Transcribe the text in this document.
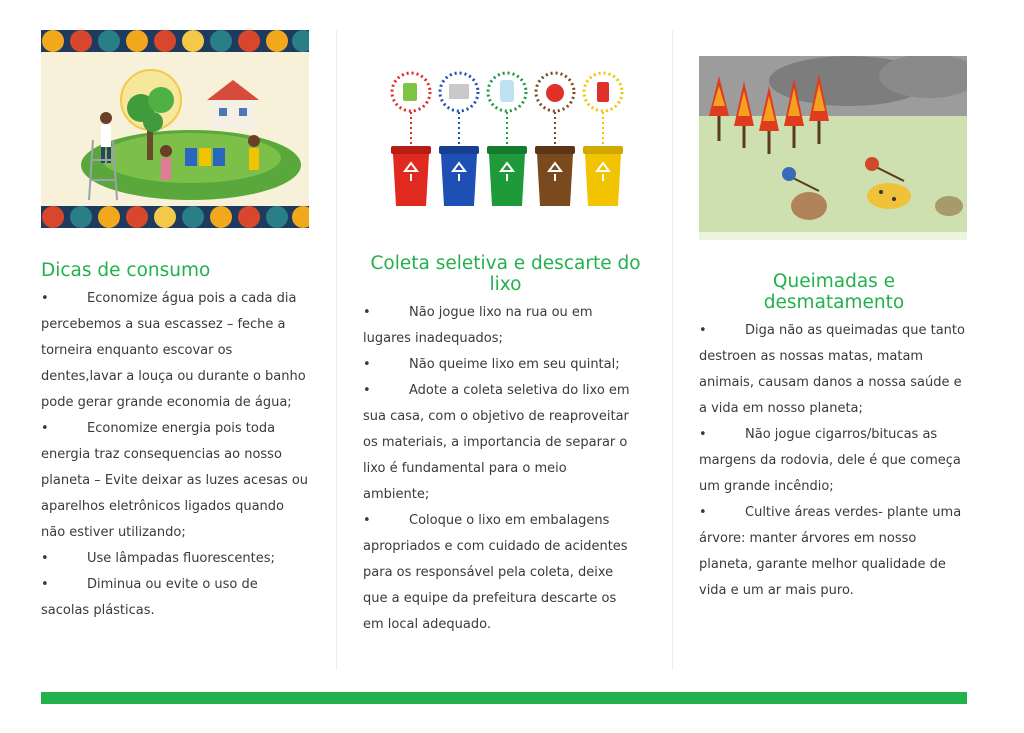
Dicas de consumo
•	Economize água pois a cada dia percebemos a sua escassez – feche a torneira enquanto escovar os dentes,lavar a louça ou durante o banho pode gerar grande economia de água;
•	Economize energia pois toda energia traz consequencias ao nosso planeta – Evite deixar as luzes acesas ou aparelhos eletrônicos ligados quando não estiver utilizando;
•	Use lâmpadas fluorescentes;
•	Diminua ou evite o uso de sacolas plásticas.
Coleta seletiva e descarte do lixo
•	Não jogue lixo na rua ou em lugares inadequados;
•	Não queime lixo em seu quintal;
•	Adote a coleta seletiva do lixo em sua casa, com o objetivo de reaproveitar os materiais, a importancia de separar o lixo é fundamental para o meio ambiente;
•	Coloque o lixo em embalagens apropriados e com cuidado de acidentes para os responsável pela coleta, deixe que a equipe da prefeitura descarte os em local adequado.
Queimadas e desmatamento
•	Diga não as queimadas que tanto destroen as nossas matas, matam animais, causam danos a nossa saúde e a vida em nosso planeta;
•	Não jogue cigarros/bitucas as margens da rodovia, dele é que começa um grande incêndio;
•	Cultive áreas verdes- plante uma árvore: manter árvores em nosso planeta, garante melhor qualidade de vida e um ar mais puro.
